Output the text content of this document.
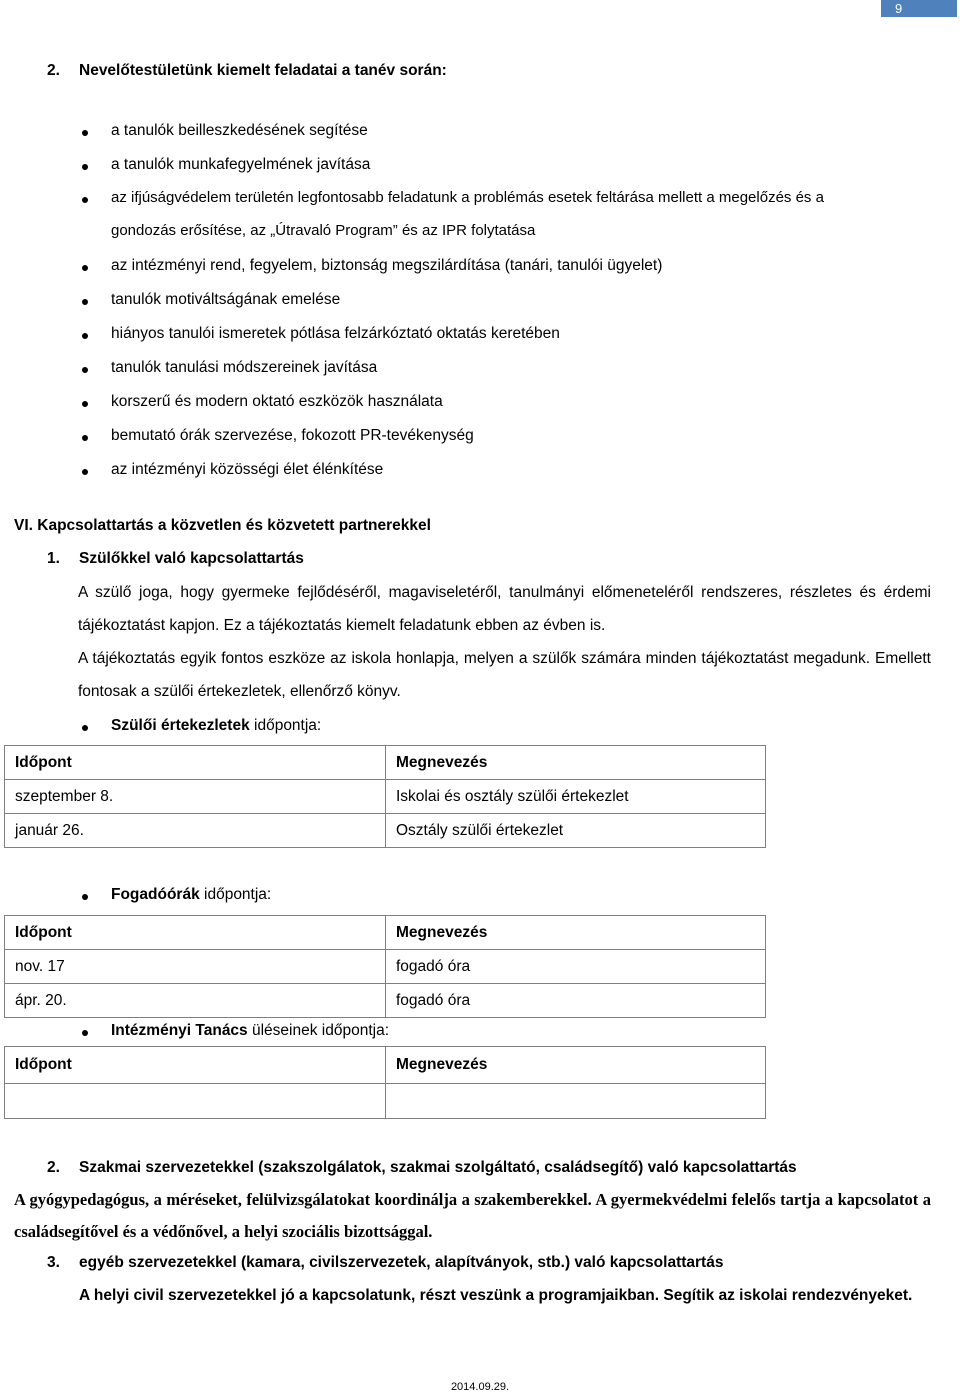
9
2. Nevelőtestületünk kiemelt feladatai a tanév során:
a tanulók beilleszkedésének segítése
a tanulók munkafegyelmének javítása
az ifjúságvédelem területén legfontosabb feladatunk a problémás esetek feltárása mellett a megelőzés és a
gondozás erősítése, az „Útravaló Program” és az IPR folytatása
az intézményi rend, fegyelem, biztonság megszilárdítása (tanári, tanulói ügyelet)
tanulók motiváltságának emelése
hiányos tanulói ismeretek pótlása felzárkóztató oktatás keretében
tanulók tanulási módszereinek javítása
korszerű és modern oktató eszközök használata
bemutató órák szervezése, fokozott PR-tevékenység
az intézményi közösségi élet élénkítése
VI. Kapcsolattartás a közvetlen és közvetett partnerekkel
1. Szülőkkel való kapcsolattartás
A szülő joga, hogy gyermeke fejlődéséről, magaviseletéről, tanulmányi előmeneteléről rendszeres, részletes és érdemi tájékoztatást kapjon. Ez a tájékoztatás kiemelt feladatunk ebben az évben is.
A tájékoztatás egyik fontos eszköze az iskola honlapja, melyen a szülők számára minden tájékoztatást megadunk. Emellett fontosak a szülői értekezletek, ellenőrző könyv.
Szülői értekezletek időpontja:
Időpont	Megnevezés
szeptember 8.	Iskolai és osztály szülői értekezlet
január 26.	Osztály szülői értekezlet
Fogadóórák időpontja:
Időpont	Megnevezés
nov. 17	fogadó óra
ápr. 20.	fogadó óra
Intézményi Tanács üléseinek időpontja:
Időpont	Megnevezés

2. Szakmai szervezetekkel (szakszolgálatok, szakmai szolgáltató, családsegítő) való kapcsolattartás
A gyógypedagógus, a méréseket, felülvizsgálatokat koordinálja a szakemberekkel. A gyermekvédelmi felelős tartja a kapcsolatot a családsegítővel és a védőnővel, a helyi szociális bizottsággal.
3. egyéb szervezetekkel (kamara, civilszervezetek, alapítványok, stb.) való kapcsolattartás
A helyi civil szervezetekkel jó a kapcsolatunk, részt veszünk a programjaikban. Segítik az iskolai rendezvényeket.
2014.09.29.
